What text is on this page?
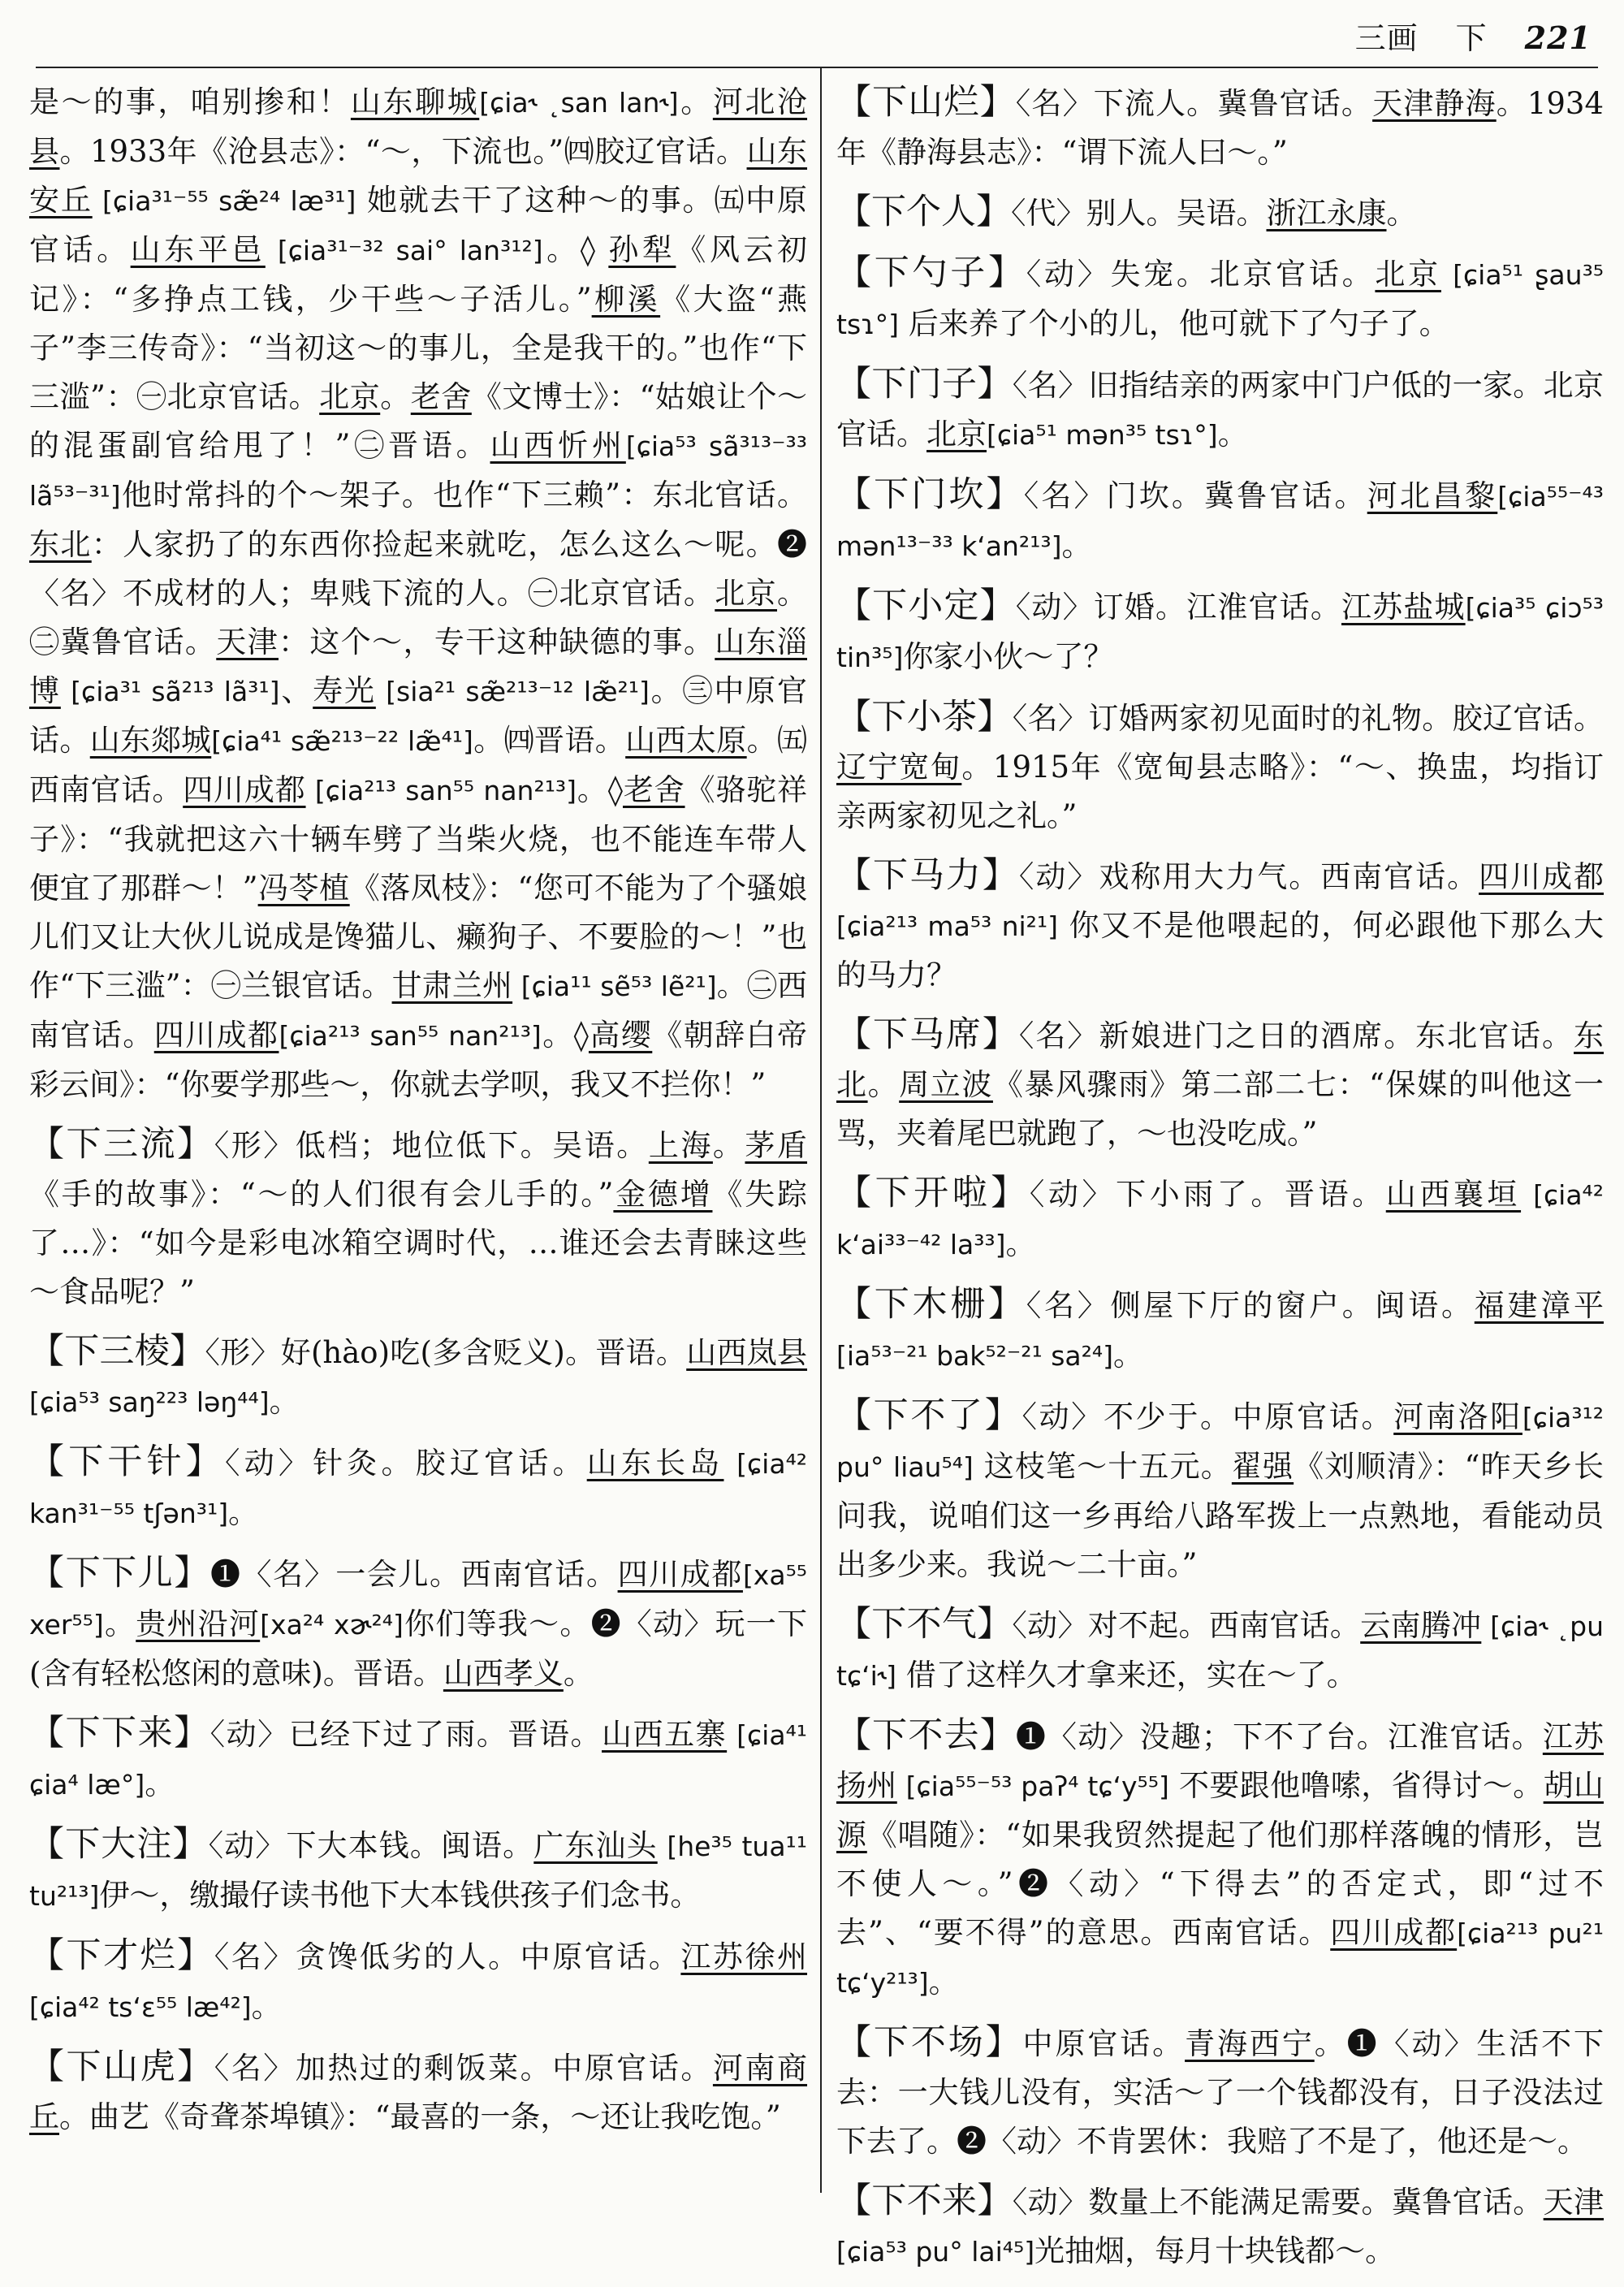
三画 下 221
是～的事，咱别掺和！山东聊城[ɕia˞ ˛san lan˞]。河北沧县。1933年《沧县志》：“～，下流也。”㈣胶辽官话。山东安丘 [ɕia³¹⁻⁵⁵ sæ̃²⁴ læ³¹] 她就去干了这种～的事。㈤中原官话。山东平邑 [ɕia³¹⁻³² sai° lan³¹²]。◊ 孙犁《风云初记》：“多挣点工钱，少干些～子活儿。”柳溪《大盗“燕子”李三传奇》：“当初这～的事儿，全是我干的。”也作“下三滥”：㊀北京官话。北京。老舍《文博士》：“姑娘让个～的混蛋副官给甩了！”㊁晋语。山西忻州[ɕia⁵³ sã³¹³⁻³³ lã⁵³⁻³¹]他时常抖的个～架子。也作“下三赖”：东北官话。东北：人家扔了的东西你捡起来就吃，怎么这么～呢。❷〈名〉不成材的人；卑贱下流的人。㊀北京官话。北京。㊁冀鲁官话。天津：这个～，专干这种缺德的事。山东淄博 [ɕia³¹ sã²¹³ lã³¹]、寿光 [sia²¹ sæ̃²¹³⁻¹² læ̃²¹]。㊂中原官话。山东郯城[ɕia⁴¹ sæ̃²¹³⁻²² læ̃⁴¹]。㈣晋语。山西太原。㈤西南官话。四川成都 [ɕia²¹³ san⁵⁵ nan²¹³]。◊老舍《骆驼祥子》：“我就把这六十辆车劈了当柴火烧，也不能连车带人便宜了那群～！”冯苓植《落凤枝》：“您可不能为了个骚娘儿们又让大伙儿说成是馋猫儿、癞狗子、不要脸的～！”也作“下三滥”：㊀兰银官话。甘肃兰州 [ɕia¹¹ sẽ⁵³ lẽ²¹]。㊁西南官话。四川成都[ɕia²¹³ san⁵⁵ nan²¹³]。◊高缨《朝辞白帝彩云间》：“你要学那些～，你就去学呗，我又不拦你！”
【下三流】〈形〉低档；地位低下。吴语。上海。茅盾《手的故事》：“～的人们很有会儿手的。”金德增《失踪了…》：“如今是彩电冰箱空调时代，…谁还会去青睐这些～食品呢？”
【下三棱】〈形〉好(hào)吃(多含贬义)。晋语。山西岚县[ɕia⁵³ saŋ²²³ ləŋ⁴⁴]。
【下干针】〈动〉针灸。胶辽官话。山东长岛 [ɕia⁴² kan³¹⁻⁵⁵ tʃən³¹]。
【下下儿】❶〈名〉一会儿。西南官话。四川成都[xa⁵⁵ xer⁵⁵]。贵州沿河[xa²⁴ xɚ²⁴]你们等我～。❷〈动〉玩一下(含有轻松悠闲的意味)。晋语。山西孝义。
【下下来】〈动〉已经下过了雨。晋语。山西五寨 [ɕia⁴¹ ɕia⁴ læ°]。
【下大注】〈动〉下大本钱。闽语。广东汕头 [he³⁵ tua¹¹ tu²¹³]伊～，缴撮仔读书他下大本钱供孩子们念书。
【下才烂】〈名〉贪馋低劣的人。中原官话。江苏徐州 [ɕia⁴² tsʻɛ⁵⁵ læ⁴²]。
【下山虎】〈名〉加热过的剩饭菜。中原官话。河南商丘。曲艺《奇聋茶埠镇》：“最喜的一条，～还让我吃饱。”
【下山烂】〈名〉下流人。冀鲁官话。天津静海。1934年《静海县志》：“谓下流人曰～。”
【下个人】〈代〉别人。吴语。浙江永康。
【下勺子】〈动〉失宠。北京官话。北京 [ɕia⁵¹ ʂau³⁵ tsɿ°] 后来养了个小的儿，他可就下了勺子了。
【下门子】〈名〉旧指结亲的两家中门户低的一家。北京官话。北京[ɕia⁵¹ mən³⁵ tsɿ°]。
【下门坎】〈名〉门坎。冀鲁官话。河北昌黎[ɕia⁵⁵⁻⁴³ mən¹³⁻³³ kʻan²¹³]。
【下小定】〈动〉订婚。江淮官话。江苏盐城[ɕia³⁵ ɕiɔ⁵³ tin³⁵]你家小伙～了？
【下小茶】〈名〉订婚两家初见面时的礼物。胶辽官话。辽宁宽甸。1915年《宽甸县志略》：“～、换盅，均指订亲两家初见之礼。”
【下马力】〈动〉戏称用大力气。西南官话。四川成都[ɕia²¹³ ma⁵³ ni²¹] 你又不是他喂起的，何必跟他下那么大的马力？
【下马席】〈名〉新娘进门之日的酒席。东北官话。东北。周立波《暴风骤雨》第二部二七：“保媒的叫他这一骂，夹着尾巴就跑了，～也没吃成。”
【下开啦】〈动〉下小雨了。晋语。山西襄垣 [ɕia⁴² kʻai³³⁻⁴² la³³]。
【下木栅】〈名〉侧屋下厅的窗户。闽语。福建漳平 [ia⁵³⁻²¹ bak⁵²⁻²¹ sa²⁴]。
【下不了】〈动〉不少于。中原官话。河南洛阳[ɕia³¹² pu° liau⁵⁴] 这枝笔～十五元。翟强《刘顺清》：“昨天乡长问我，说咱们这一乡再给八路军拨上一点熟地，看能动员出多少来。我说～二十亩。”
【下不气】〈动〉对不起。西南官话。云南腾冲 [ɕia˞ ˛pu tɕʻi˞] 借了这样久才拿来还，实在～了。
【下不去】❶〈动〉没趣；下不了台。江淮官话。江苏扬州 [ɕia⁵⁵⁻⁵³ paʔ⁴ tɕʻy⁵⁵] 不要跟他噜嗦，省得讨～。胡山源《唱随》：“如果我贸然提起了他们那样落魄的情形，岂不使人～。”❷〈动〉“下得去”的否定式，即“过不去”、“要不得”的意思。西南官话。四川成都[ɕia²¹³ pu²¹ tɕʻy²¹³]。
【下不场】中原官话。青海西宁。❶〈动〉生活不下去：一大钱儿没有，实活～了一个钱都没有，日子没法过下去了。❷〈动〉不肯罢休：我赔了不是了，他还是～。
【下不来】〈动〉数量上不能满足需要。冀鲁官话。天津[ɕia⁵³ pu° lai⁴⁵]光抽烟，每月十块钱都～。
